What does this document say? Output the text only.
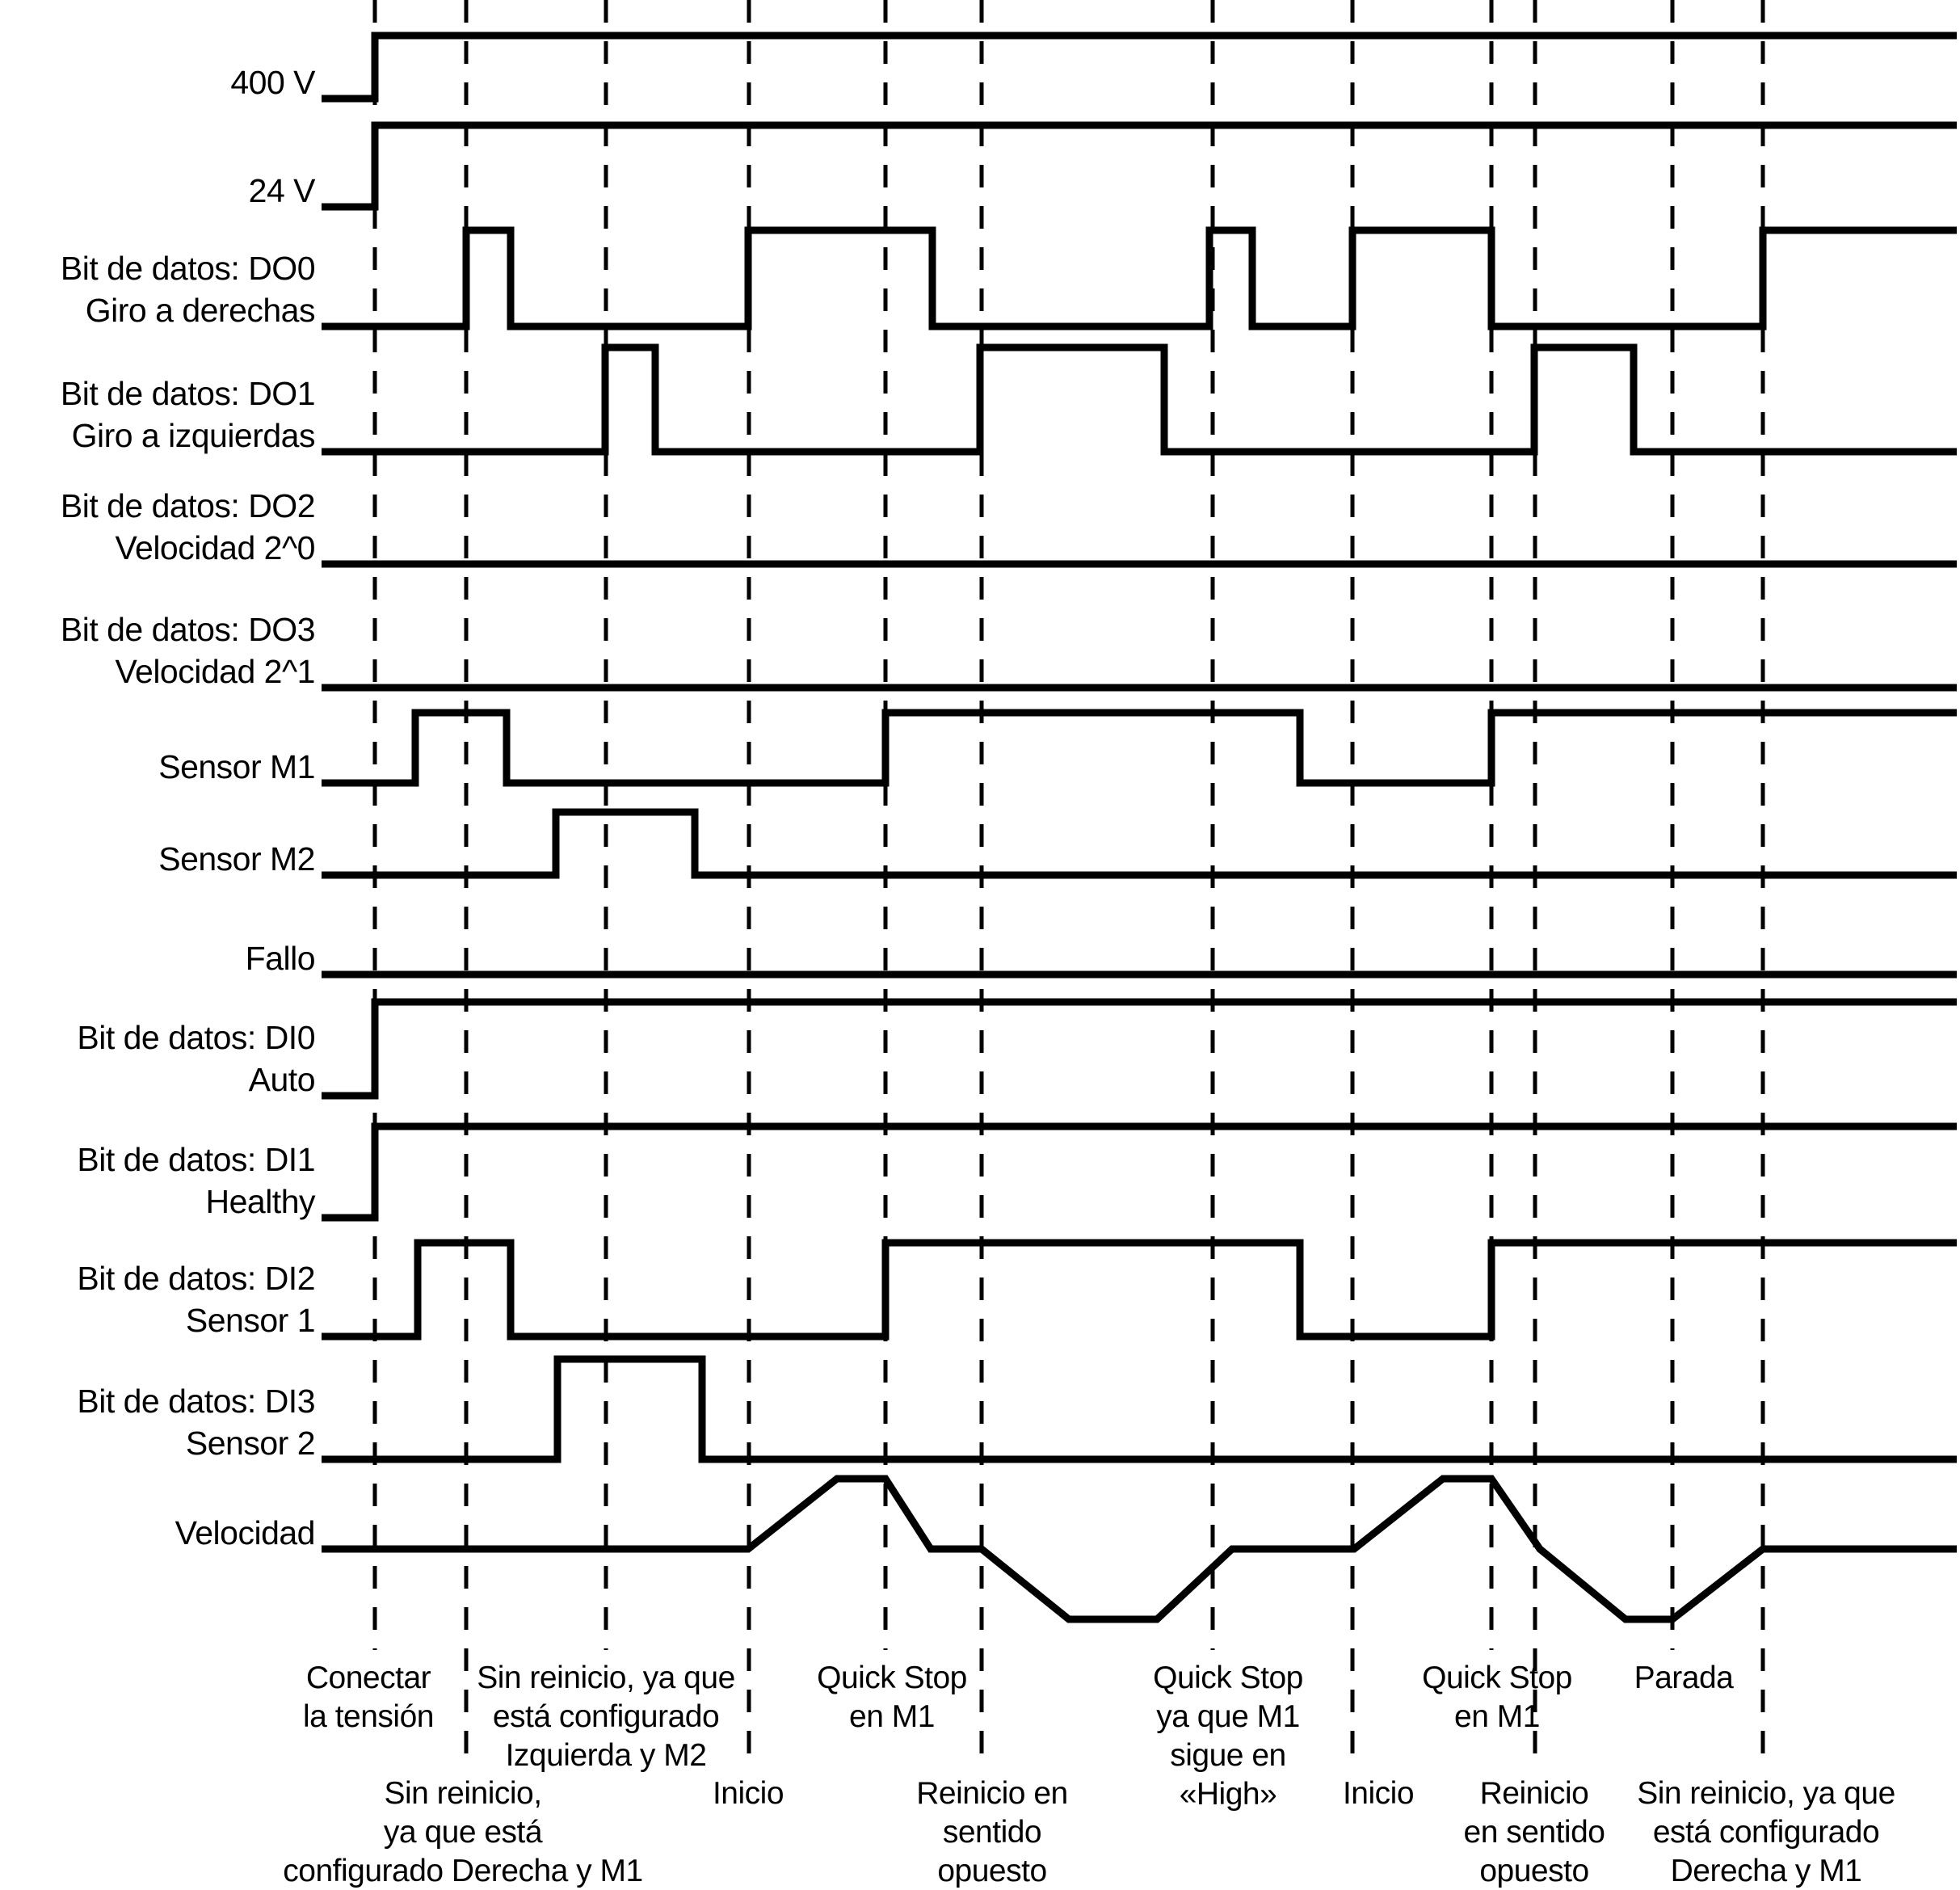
400 V
24 V
Bit de datos: DO0
Giro a derechas
Bit de datos: DO1
Giro a izquierdas
Bit de datos: DO2
Velocidad 2^0
Bit de datos: DO3
Velocidad 2^1
Sensor M1
Sensor M2
Fallo
Bit de datos: DI0
Auto
Bit de datos: DI1
Healthy
Bit de datos: DI2
Sensor 1
Bit de datos: DI3
Sensor 2
Velocidad
Conectar
la tensión
Sin reinicio, ya que
está configurado
Izquierda y M2
Quick Stop
en M1
Quick Stop
ya que M1
sigue en
«High»
Quick Stop
en M1
Parada
Sin reinicio,
ya que está
configurado Derecha y M1
Inicio	Reinicio en
sentido
opuesto
Inicio	Reinicio
en sentido
opuesto
Sin reinicio, ya que
está configurado
Derecha y M1
